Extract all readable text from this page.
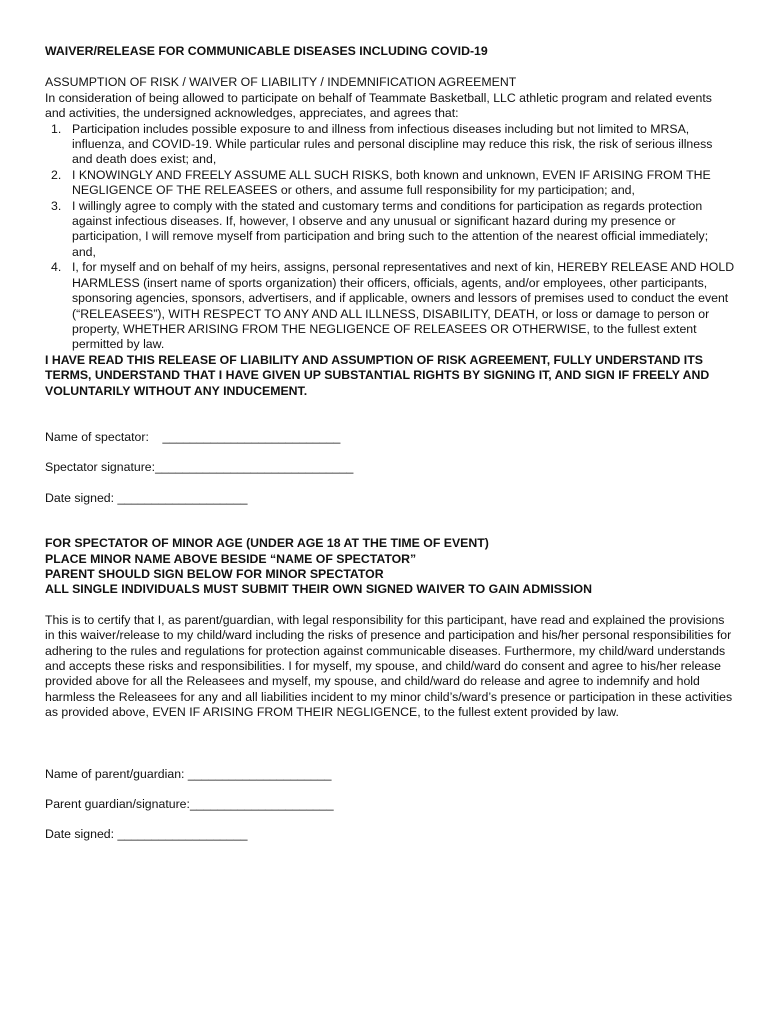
WAIVER/RELEASE FOR COMMUNICABLE DISEASES INCLUDING COVID-19
ASSUMPTION OF RISK / WAIVER OF LIABILITY / INDEMNIFICATION AGREEMENT
In consideration of being allowed to participate on behalf of Teammate Basketball, LLC athletic program and related events and activities, the undersigned acknowledges, appreciates, and agrees that:
1. Participation includes possible exposure to and illness from infectious diseases including but not limited to MRSA, influenza, and COVID-19. While particular rules and personal discipline may reduce this risk, the risk of serious illness and death does exist; and,
2. I KNOWINGLY AND FREELY ASSUME ALL SUCH RISKS, both known and unknown, EVEN IF ARISING FROM THE NEGLIGENCE OF THE RELEASEES or others, and assume full responsibility for my participation; and,
3. I willingly agree to comply with the stated and customary terms and conditions for participation as regards protection against infectious diseases. If, however, I observe and any unusual or significant hazard during my presence or participation, I will remove myself from participation and bring such to the attention of the nearest official immediately; and,
4. I, for myself and on behalf of my heirs, assigns, personal representatives and next of kin, HEREBY RELEASE AND HOLD HARMLESS (insert name of sports organization) their officers, officials, agents, and/or employees, other participants, sponsoring agencies, sponsors, advertisers, and if applicable, owners and lessors of premises used to conduct the event (“RELEASEES”), WITH RESPECT TO ANY AND ALL ILLNESS, DISABILITY, DEATH, or loss or damage to person or property, WHETHER ARISING FROM THE NEGLIGENCE OF RELEASEES OR OTHERWISE, to the fullest extent permitted by law.
I HAVE READ THIS RELEASE OF LIABILITY AND ASSUMPTION OF RISK AGREEMENT, FULLY UNDERSTAND ITS TERMS, UNDERSTAND THAT I HAVE GIVEN UP SUBSTANTIAL RIGHTS BY SIGNING IT, AND SIGN IF FREELY AND VOLUNTARILY WITHOUT ANY INDUCEMENT.
Name of spectator:    __________________________
Spectator signature:_____________________________
Date signed: ___________________
FOR SPECTATOR OF MINOR AGE (UNDER AGE 18 AT THE TIME OF EVENT)
PLACE MINOR NAME ABOVE BESIDE “NAME OF SPECTATOR”
PARENT SHOULD SIGN BELOW FOR MINOR SPECTATOR
ALL SINGLE INDIVIDUALS MUST SUBMIT THEIR OWN SIGNED WAIVER TO GAIN ADMISSION
This is to certify that I, as parent/guardian, with legal responsibility for this participant, have read and explained the provisions in this waiver/release to my child/ward including the risks of presence and participation and his/her personal responsibilities for adhering to the rules and regulations for protection against communicable diseases. Furthermore, my child/ward understands and accepts these risks and responsibilities. I for myself, my spouse, and child/ward do consent and agree to his/her release provided above for all the Releasees and myself, my spouse, and child/ward do release and agree to indemnify and hold harmless the Releasees for any and all liabilities incident to my minor child’s/ward’s presence or participation in these activities as provided above, EVEN IF ARISING FROM THEIR NEGLIGENCE, to the fullest extent provided by law.
Name of parent/guardian: _____________________
Parent guardian/signature:_____________________
Date signed: ___________________
